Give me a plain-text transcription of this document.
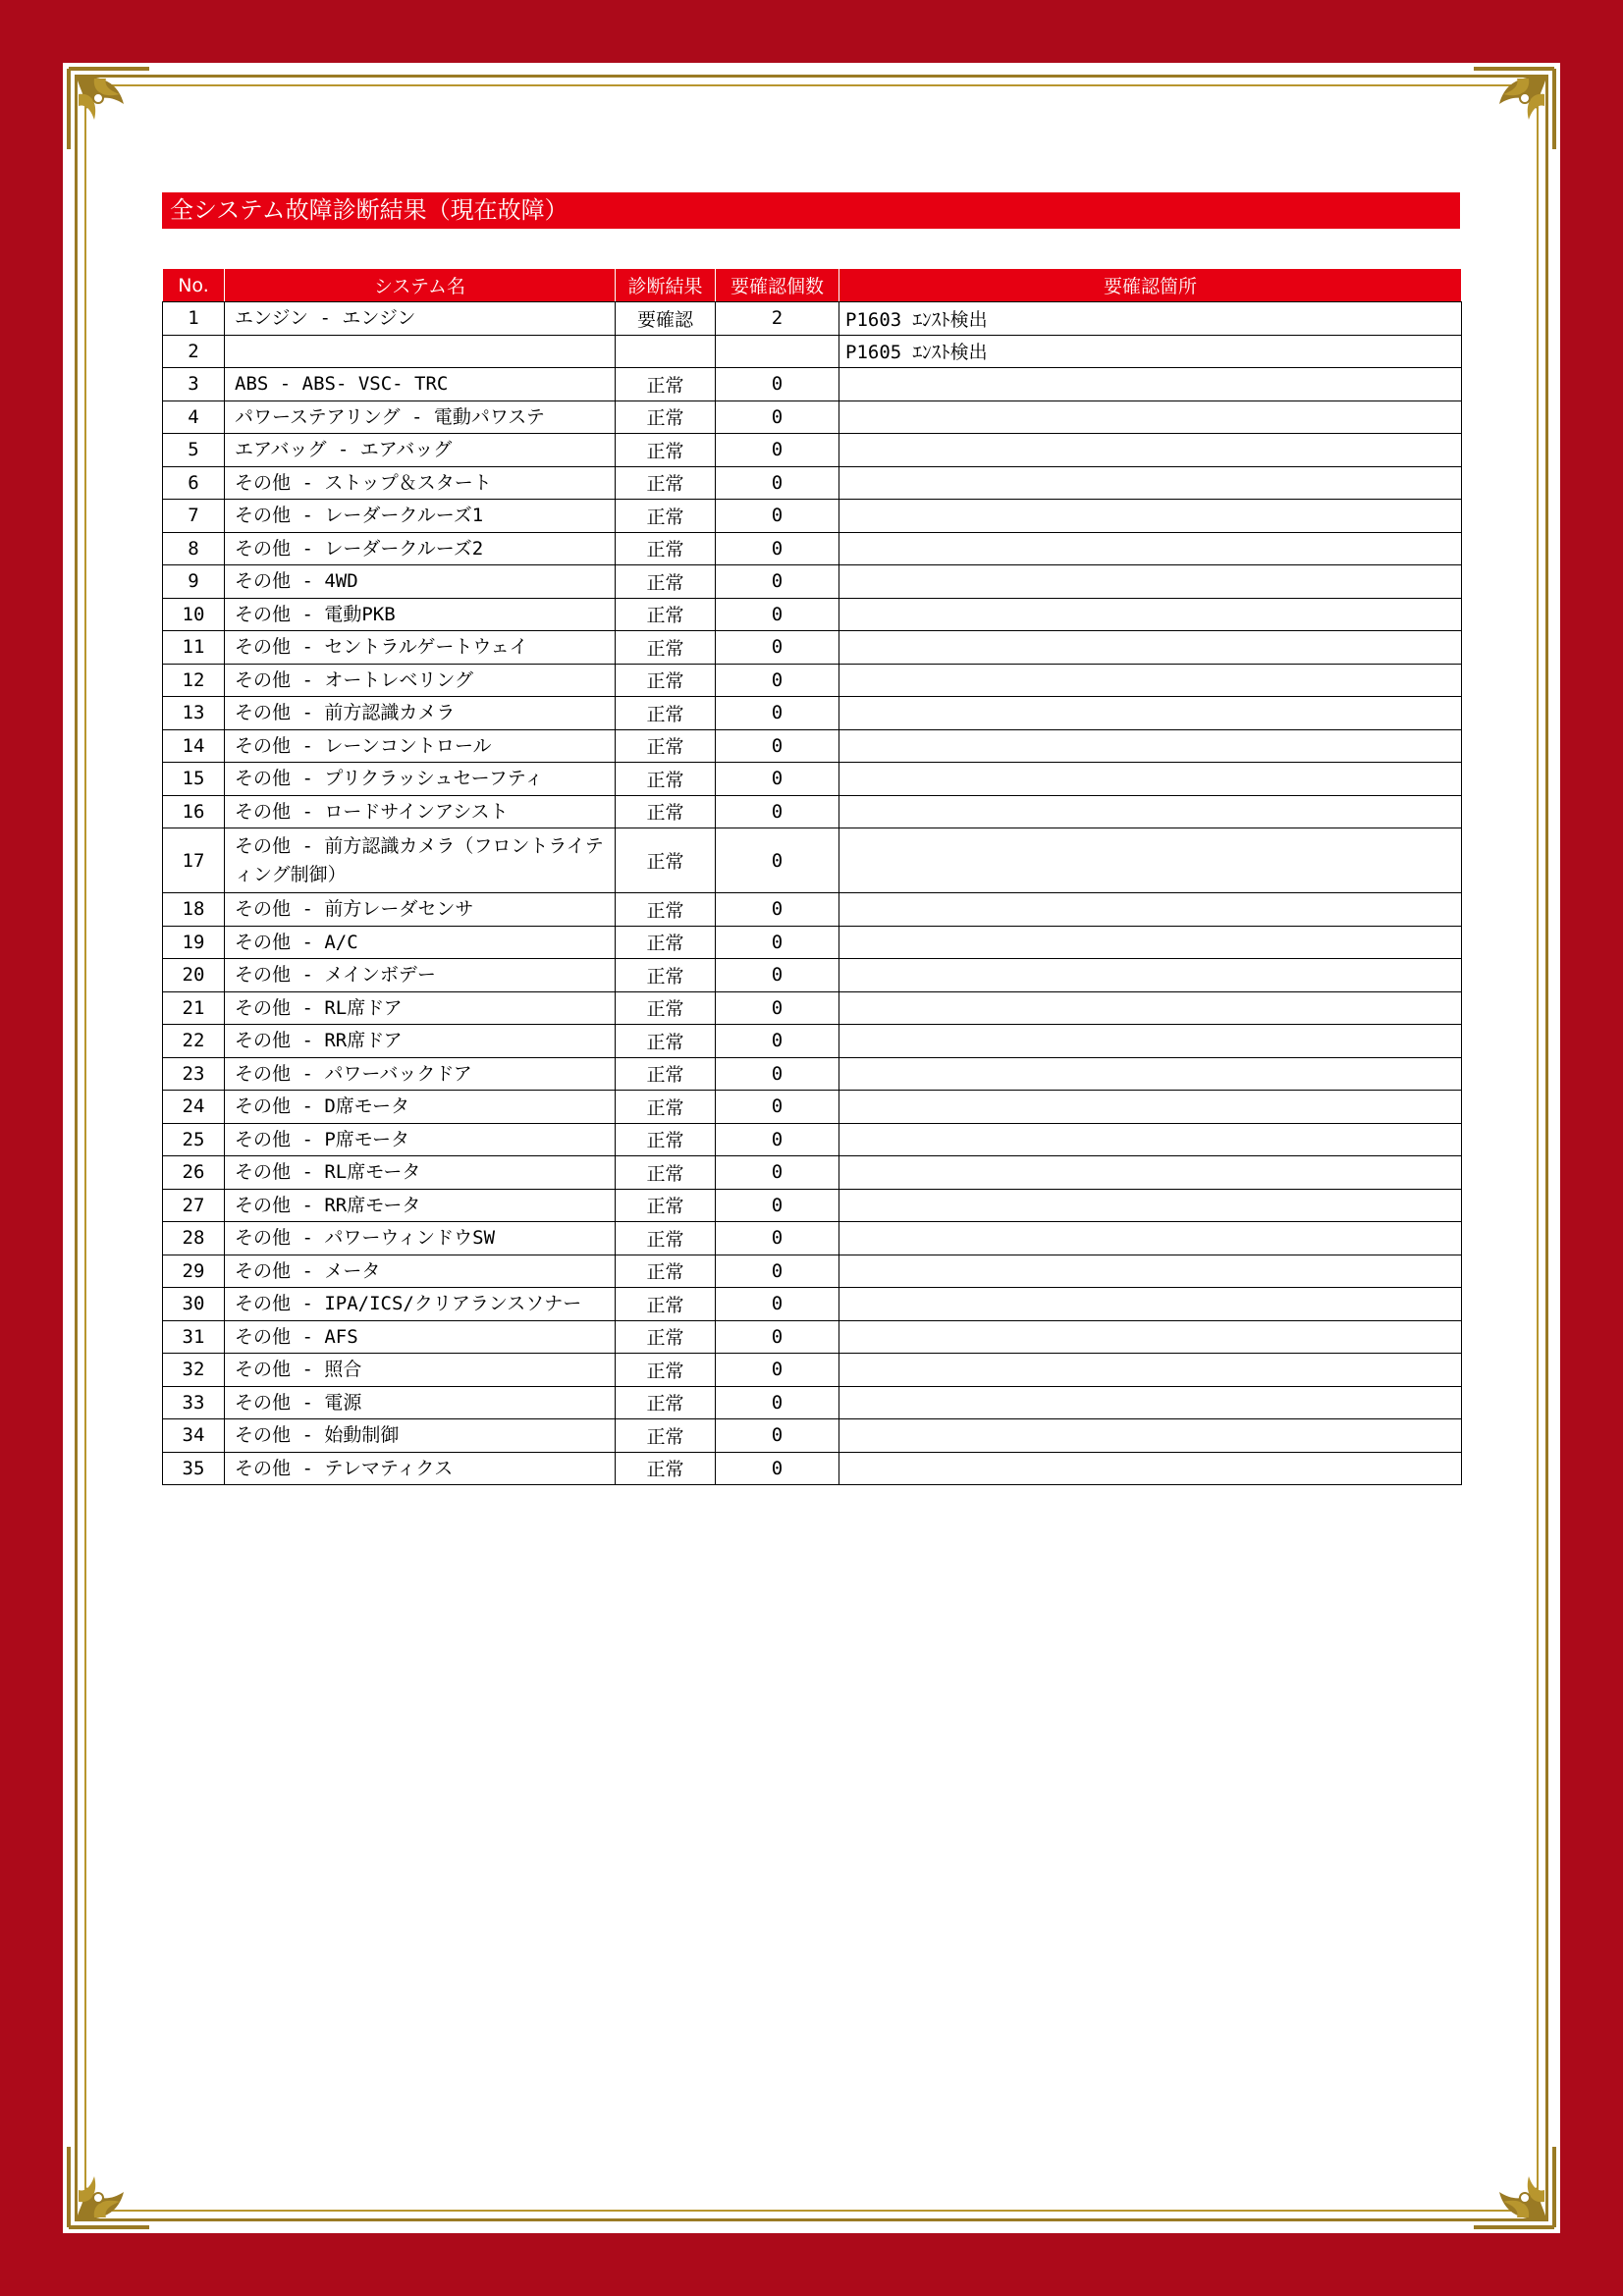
全システム故障診断結果（現在故障）
No.	システム名	診断結果	要確認個数	要確認箇所
1	エンジン - エンジン	要確認	2	P1603 ｴﾝｽﾄ検出
2				P1605 ｴﾝｽﾄ検出
3	ABS - ABS- VSC- TRC	正常	0	
4	パワーステアリング - 電動パワステ	正常	0	
5	エアバッグ - エアバッグ	正常	0	
6	その他 - ストップ＆スタート	正常	0	
7	その他 - レーダークルーズ1	正常	0	
8	その他 - レーダークルーズ2	正常	0	
9	その他 - 4WD	正常	0	
10	その他 - 電動PKB	正常	0	
11	その他 - セントラルゲートウェイ	正常	0	
12	その他 - オートレベリング	正常	0	
13	その他 - 前方認識カメラ	正常	0	
14	その他 - レーンコントロール	正常	0	
15	その他 - プリクラッシュセーフティ	正常	0	
16	その他 - ロードサインアシスト	正常	0	
17	その他 - 前方認識カメラ（フロントライティング制御）	正常	0	
18	その他 - 前方レーダセンサ	正常	0	
19	その他 - A/C	正常	0	
20	その他 - メインボデー	正常	0	
21	その他 - RL席ドア	正常	0	
22	その他 - RR席ドア	正常	0	
23	その他 - パワーバックドア	正常	0	
24	その他 - D席モータ	正常	0	
25	その他 - P席モータ	正常	0	
26	その他 - RL席モータ	正常	0	
27	その他 - RR席モータ	正常	0	
28	その他 - パワーウィンドウSW	正常	0	
29	その他 - メータ	正常	0	
30	その他 - IPA/ICS/クリアランスソナー	正常	0	
31	その他 - AFS	正常	0	
32	その他 - 照合	正常	0	
33	その他 - 電源	正常	0	
34	その他 - 始動制御	正常	0	
35	その他 - テレマティクス	正常	0	
